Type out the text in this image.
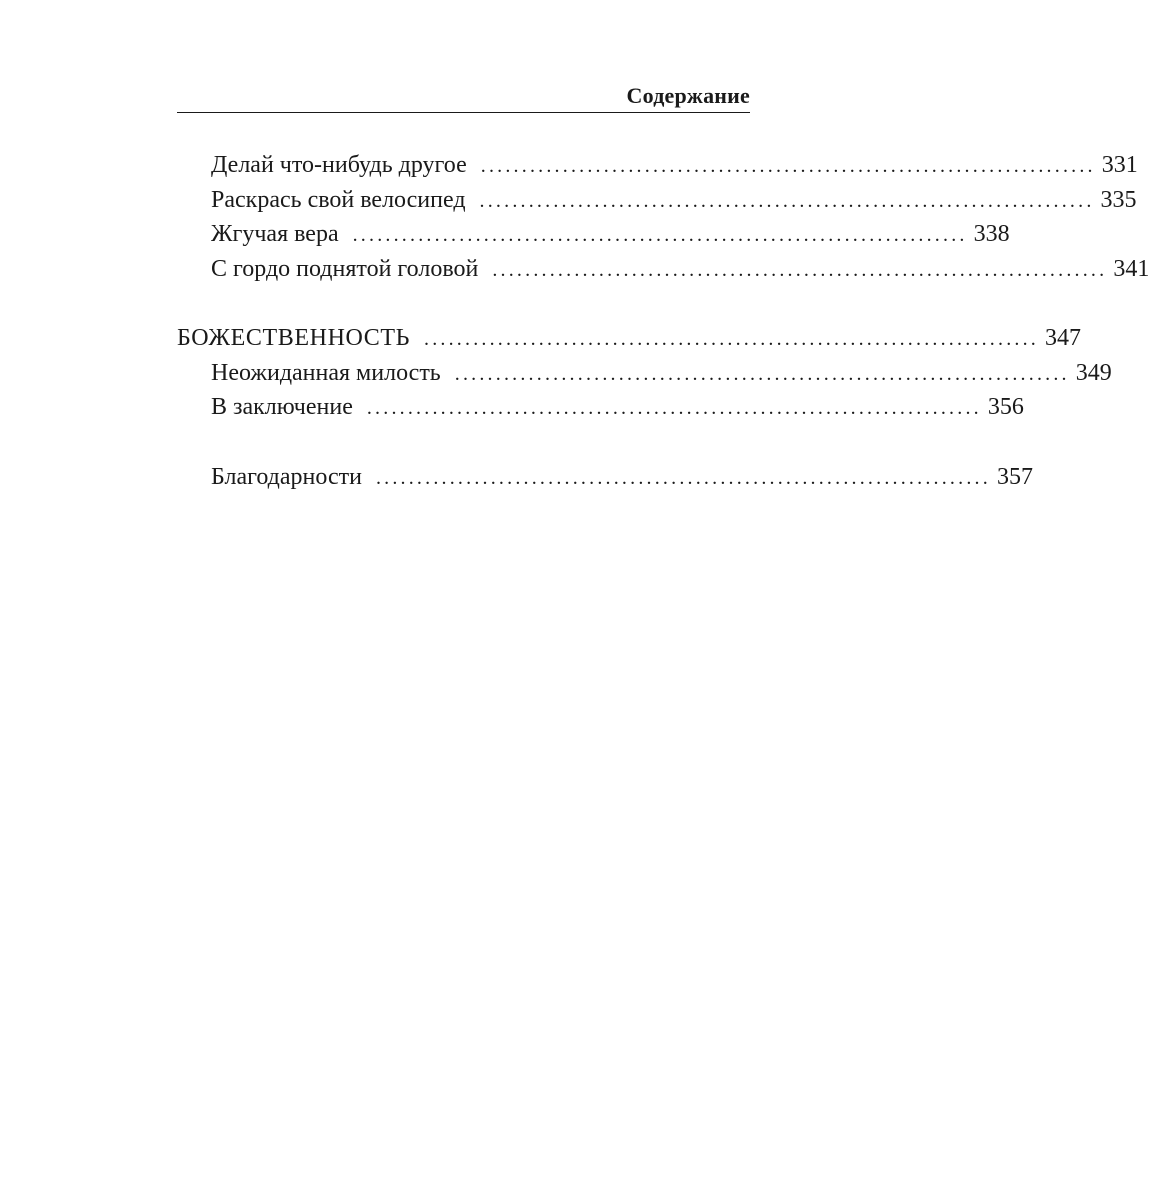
Содержание
Делай что-нибудь другое ........................................................................... 331
Раскрась свой велосипед ........................................................................... 335
Жгучая вера ........................................................................... 338
С гордо поднятой головой ........................................................................... 341
БОЖЕСТВЕННОСТЬ ........................................................................... 347
Неожиданная милость ........................................................................... 349
В заключение ........................................................................... 356
Благодарности ........................................................................... 357
